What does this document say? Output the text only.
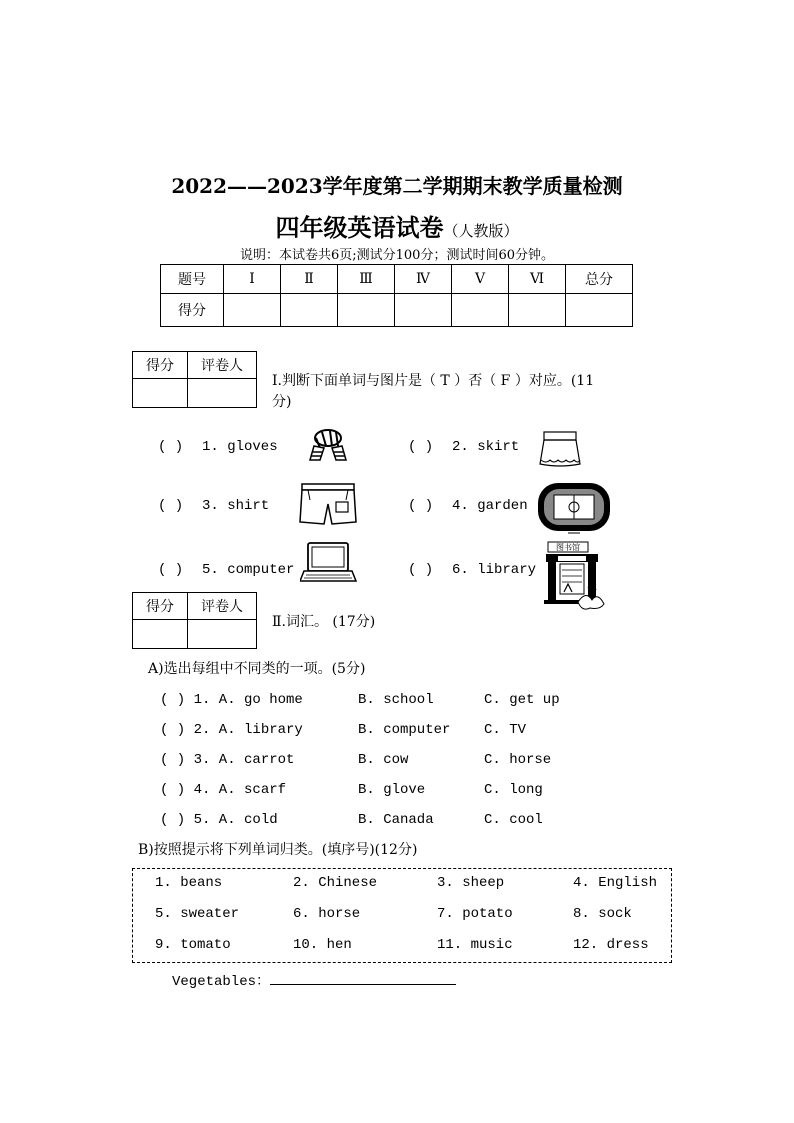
2022——2023学年度第二学期期末教学质量检测
四年级英语试卷（人教版）
说明：本试卷共6页;测试分100分；测试时间60分钟。
题号	Ⅰ	Ⅱ	Ⅲ	Ⅳ	Ⅴ	Ⅵ	总分
得分							
得分	评卷人

Ⅰ.判断下面单词与图片是（ T ）否（ F ）对应。(11
分)
( ) 1. gloves	( ) 2. skirt
( ) 3. shirt	( ) 4. garden
( ) 5. computer	( ) 6. library
图书馆
得分	评卷人

Ⅱ.词汇。 (17分)
A)选出每组中不同类的一项。(5分)
( ) 1. A. go home	B. school	C. get up
( ) 2. A. library	B. computer C. TV
( ) 3. A. carrot	B. cow	C. horse
( ) 4. A. scarf	B. glove	C. long
( ) 5. A. cold	B. Canada	C. cool
B)按照提示将下列单词归类。(填序号)(12分)
1. beans	2. Chinese	3. sheep	4. English
5. sweater	6. horse	7. potato	8. sock
9. tomato	10. hen	11. music	12. dress
Vegetables：
